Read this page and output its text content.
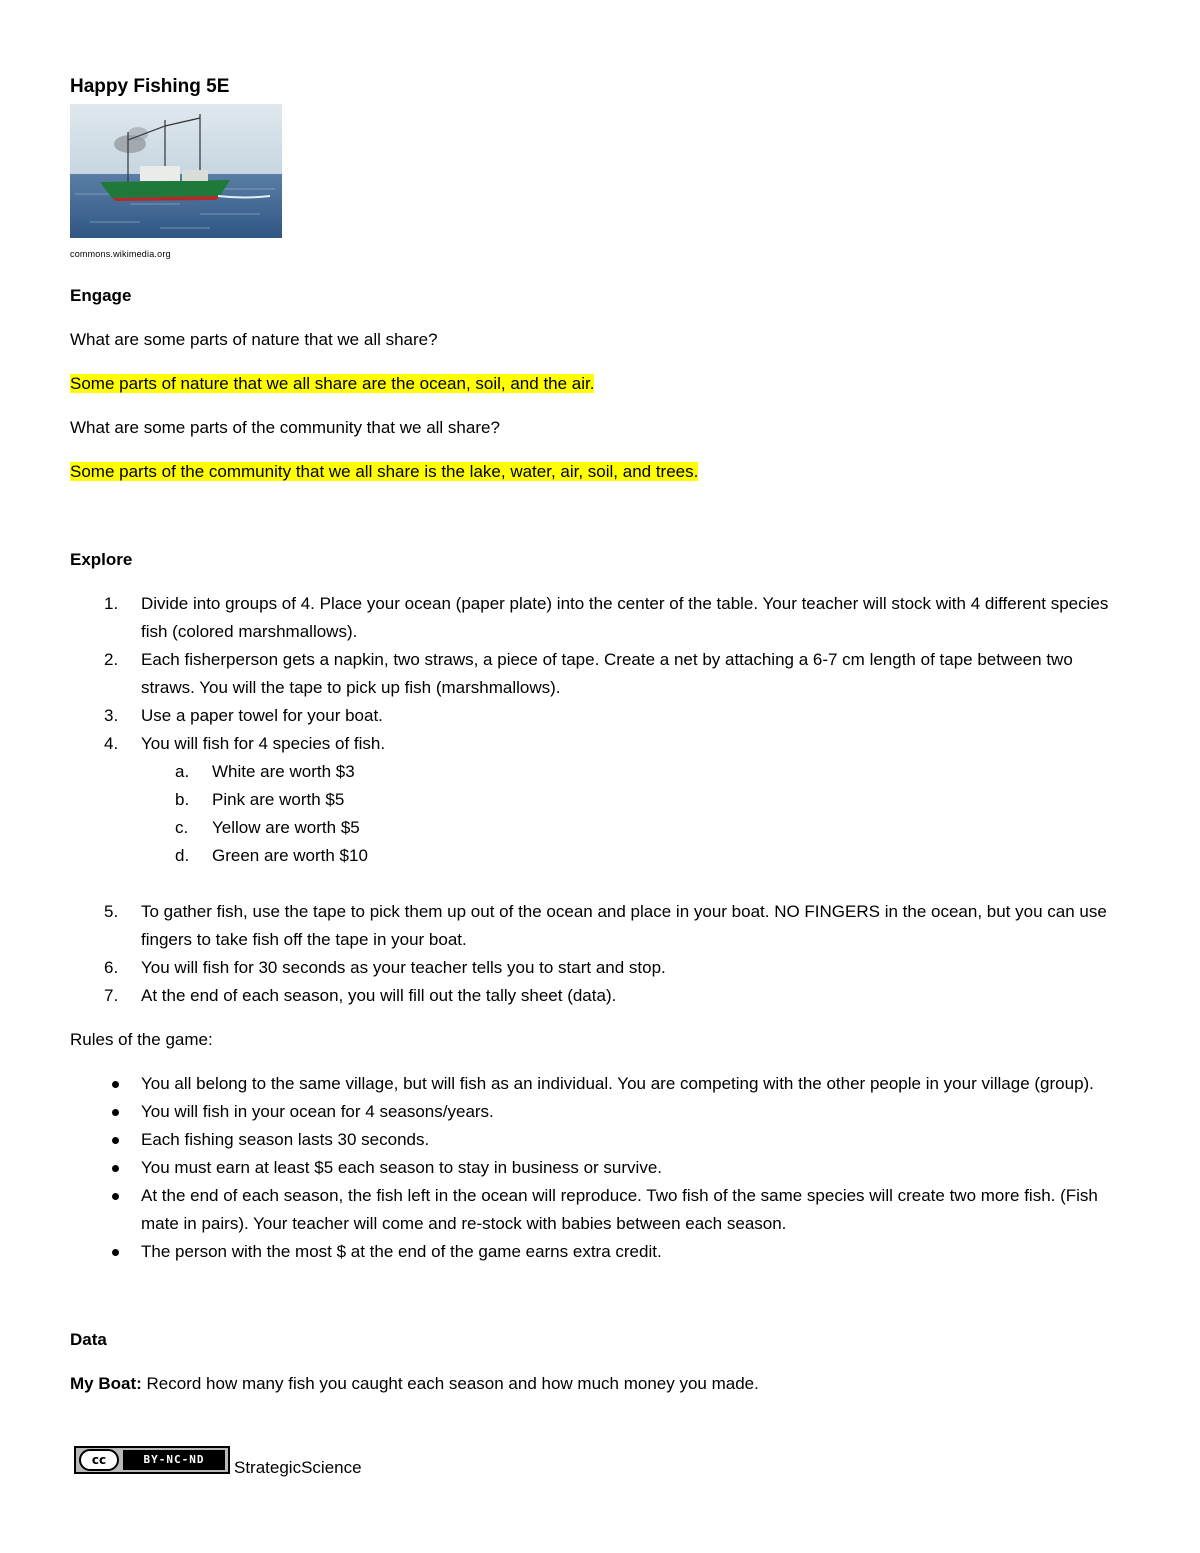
Happy Fishing 5E
commons.wikimedia.org

Engage

What are some parts of nature that we all share?

Some parts of nature that we all share are the ocean, soil, and the air.

What are some parts of the community that we all share?

Some parts of the community that we all share is the lake, water, air, soil, and trees.

Explore

1.	Divide into groups of 4. Place your ocean (paper plate) into the center of the table. Your teacher will stock with 4 different species fish (colored marshmallows).
2.	Each fisherperson gets a napkin, two straws, a piece of tape. Create a net by attaching a 6-7 cm length of tape between two straws. You will the tape to pick up fish (marshmallows).
3.	Use a paper towel for your boat.
4.	You will fish for 4 species of fish.
a. White are worth $3
b. Pink are worth $5
c. Yellow are worth $5
d. Green are worth $10
5.	To gather fish, use the tape to pick them up out of the ocean and place in your boat. NO FINGERS in the ocean, but you can use fingers to take fish off the tape in your boat.
6.	You will fish for 30 seconds as your teacher tells you to start and stop.
7.	At the end of each season, you will fill out the tally sheet (data).

Rules of the game:

You all belong to the same village, but will fish as an individual. You are competing with the other people in your village (group).
You will fish in your ocean for 4 seasons/years.
Each fishing season lasts 30 seconds.
You must earn at least $5 each season to stay in business or survive.
At the end of each season, the fish left in the ocean will reproduce. Two fish of the same species will create two more fish. (Fish mate in pairs). Your teacher will come and re-stock with babies between each season.
The person with the most $ at the end of the game earns extra credit.

Data

My Boat: Record how many fish you caught each season and how much money you made.

cc	BY-NC-ND	StrategicScience
